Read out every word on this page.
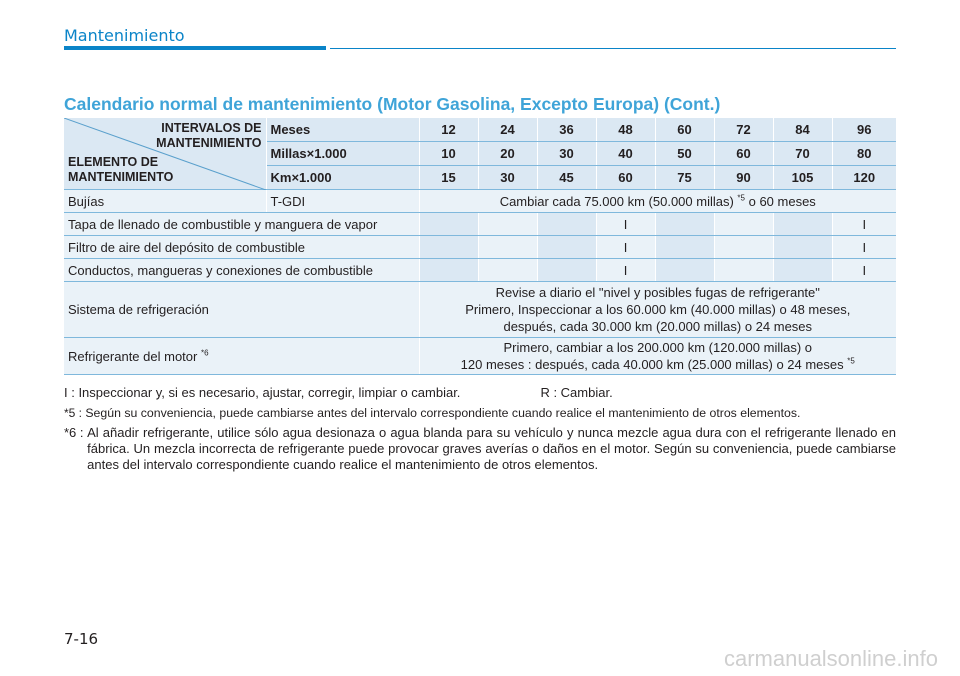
Mantenimiento
Calendario normal de mantenimiento (Motor Gasolina, Excepto Europa) (Cont.)
INTERVALOS DE
MANTENIMIENTO
ELEMENTO DE
MANTENIMIENTO	Meses	12	24	36	48	60	72	84	96
	Millas×1.000	10	20	30	40	50	60	70	80
	Km×1.000	15	30	45	60	75	90	105	120
Bujías	T-GDI	Cambiar cada 75.000 km (50.000 millas) $^{*5}$ o 60 meses							
Tapa de llenado de combustible y manguera de vapor					I				I
Filtro de aire del depósito de combustible					I				I
Conductos, mangueras y conexiones de combustible					I				I
Sistema de refrigeración		Revise a diario el "nivel y posibles fugas de refrigerante"
Primero, Inspeccionar a los 60.000 km (40.000 millas) o 48 meses,
después, cada 30.000 km (20.000 millas) o 24 meses							
Refrigerante del motor $^{*6}$		Primero, cambiar a los 200.000 km (120.000 millas) o
120 meses : después, cada 40.000 km (25.000 millas) o 24 meses $^{*5}$
I : Inspeccionar y, si es necesario, ajustar, corregir, limpiar o cambiar.	R : Cambiar.
*5 : Según su conveniencia, puede cambiarse antes del intervalo correspondiente cuando realice el mantenimiento de otros elementos.
*6 : Al añadir refrigerante, utilice sólo agua desionaza o agua blanda para su vehículo y nunca mezcle agua dura con el refrigerante llenado en fábrica. Un mezcla incorrecta de refrigerante puede provocar graves averías o daños en el motor. Según su conveniencia, puede cambiarse antes del intervalo correspondiente cuando realice el mantenimiento de otros elementos.
7-16
carmanualsonline.info
